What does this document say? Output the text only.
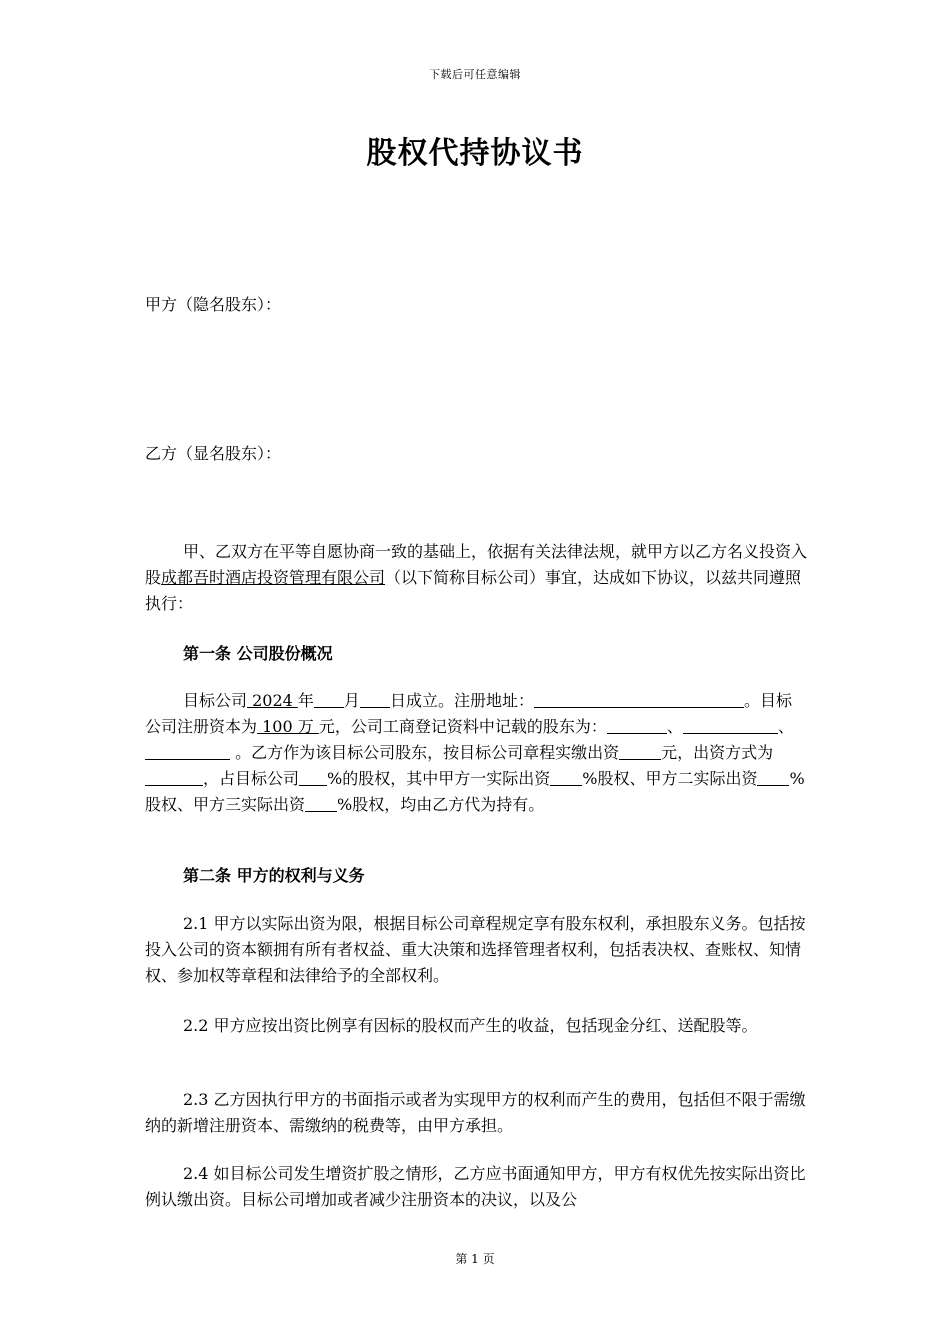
下载后可任意编辑
股权代持协议书
甲方（隐名股东）：
乙方（显名股东）：
甲、乙双方在平等自愿协商一致的基础上，依据有关法律法规，就甲方以乙方名义投资入股成都吾时酒店投资管理有限公司（以下简称目标公司）事宜，达成如下协议，以兹共同遵照执行：
第一条 公司股份概况
目标公司 2024 年 月 日成立。注册地址：	。目标公司注册资本为 100 万 元，公司工商登记资料中记载的股东为：	、	、 。乙方作为该目标公司股东，按目标公司章程实缴出资	元，出资方式为，占目标公司 %的股权，其中甲方一实际出资 %股权、甲方二实际出资 %股权、甲方三实际出资 %股权，均由乙方代为持有。
第二条 甲方的权利与义务
2.1 甲方以实际出资为限，根据目标公司章程规定享有股东权利，承担股东义务。包括按投入公司的资本额拥有所有者权益、重大决策和选择管理者权利，包括表决权、查账权、知情权、参加权等章程和法律给予的全部权利。
2.2 甲方应按出资比例享有因标的股权而产生的收益，包括现金分红、送配股等。
2.3 乙方因执行甲方的书面指示或者为实现甲方的权利而产生的费用，包括但不限于需缴纳的新增注册资本、需缴纳的税费等，由甲方承担。
2.4 如目标公司发生增资扩股之情形，乙方应书面通知甲方，甲方有权优先按实际出资比例认缴出资。目标公司增加或者减少注册资本的决议，以及公
第 1 页
